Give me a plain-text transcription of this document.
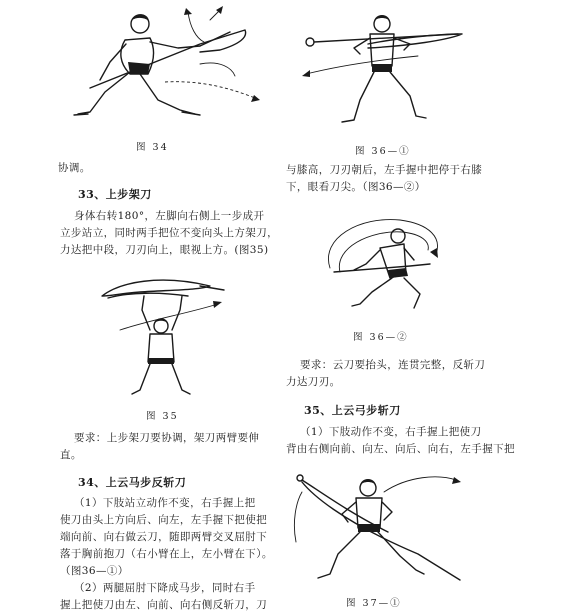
图 34
协调。
33、上步架刀
身体右转180°，左脚向右侧上一步成开
立步站立，同时两手把位不变向头上方架刀，
力达把中段，刀刃向上，眼视上方。(图35)
图 35
要求：上步架刀要协调，架刀两臂要伸
直。
34、上云马步反斩刀
（1）下肢站立动作不变，右手握上把
使刀由头上方向后、向左，左手握下把使把
端向前、向右做云刀，随即两臂交叉屈肘下
落于胸前抱刀（右小臂在上，左小臂在下）。
（图36—①）
（2）两腿屈肘下降成马步，同时右手
握上把使刀由左、向前、向右侧反斩刀，刀
图 36—①
与膝高，刀刃朝后，左手握中把停于右膝
下，眼看刀尖。（图36—②）
图 36—②
要求：云刀要抬头，连贯完整，反斩刀
力达刀刃。
35、上云弓步斩刀
（1）下肢动作不变，右手握上把使刀
背由右侧向前、向左、向后、向右，左手握下把
图 37—①
